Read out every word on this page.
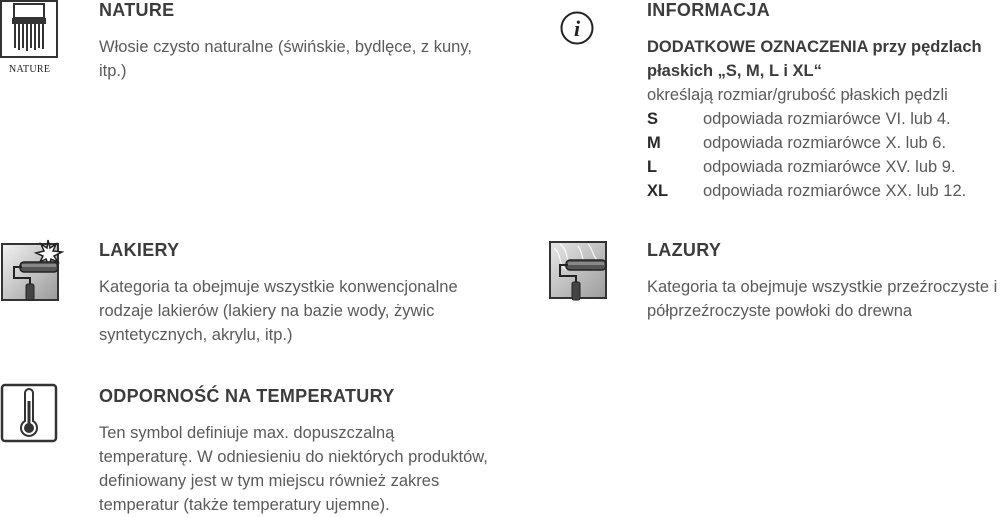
NATURE
NATURE

Włosie czysto naturalne (świńskie, bydlęce, z kuny, itp.)

i
INFORMACJA

DODATKOWE OZNACZENIA przy pędzlach płaskich „S, M, L i XL“

określają rozmiar/grubość płaskich pędzli

S	odpowiada rozmiarówce VI. lub 4.
M	odpowiada rozmiarówce X. lub 6.
L	odpowiada rozmiarówce XV. lub 9.
XL	odpowiada rozmiarówce XX. lub 12.
LAKIERY

Kategoria ta obejmuje wszystkie konwencjonalne rodzaje lakierów (lakiery na bazie wody, żywic syntetycznych, akrylu, itp.)

LAZURY

Kategoria ta obejmuje wszystkie przeźroczyste i półprzeźroczyste powłoki do drewna

ODPORNOŚĆ NA TEMPERATURY

Ten symbol definiuje max. dopuszczalną temperaturę. W odniesieniu do niektórych produktów, definiowany jest w tym miejscu również zakres temperatur (także temperatury ujemne).
